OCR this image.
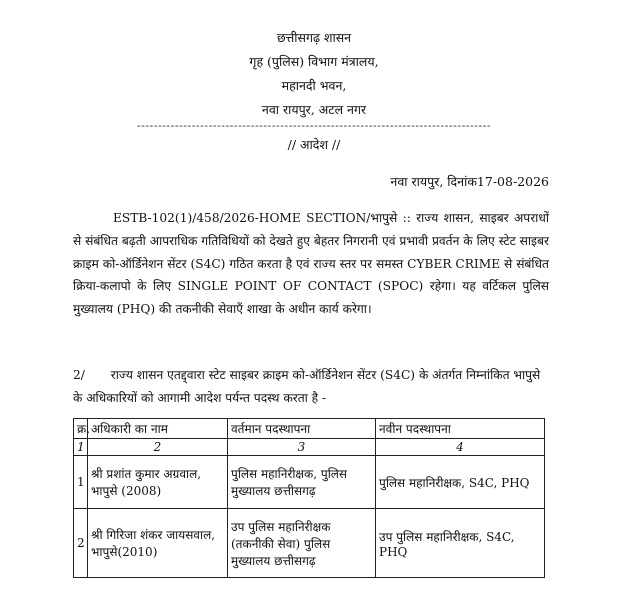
छत्तीसगढ़ शासन
गृह (पुलिस) विभाग मंत्रालय,
महानदी भवन,
नवा रायपुर, अटल नगर
------------------------------------------------------------------------------------
// आदेश //
नवा रायपुर, दिनांक17-08-2026
ESTB-102(1)/458/2026-HOME SECTION/भापुसे :: राज्य शासन, साइबर अपराधों से संबंधित बढ़ती आपराधिक गतिविधियों को देखते हुए बेहतर निगरानी एवं प्रभावी प्रवर्तन के लिए स्टेट साइबर क्राइम को-ऑर्डिनेशन सेंटर (S4C) गठित करता है एवं राज्य स्तर पर समस्त CYBER CRIME से संबंधित क्रिया-कलापो के लिए SINGLE POINT OF CONTACT (SPOC) रहेगा। यह वर्टिकल पुलिस मुख्यालय (PHQ) की तकनीकी सेवाएँ शाखा के अधीन कार्य करेगा।
2/ राज्य शासन एतद्द्वारा स्टेट साइबर क्राइम को-ऑर्डिनेशन सेंटर (S4C) के अंतर्गत निम्नांकित भापुसे के अधिकारियों को आगामी आदेश पर्यन्त पदस्थ करता है -
क्र.	अधिकारी का नाम	वर्तमान पदस्थापना	नवीन पदस्थापना
1	2	3	4
1	श्री प्रशांत कुमार अग्रवाल, भापुसे (2008)	पुलिस महानिरीक्षक, पुलिस मुख्यालय छत्तीसगढ़	पुलिस महानिरीक्षक, S4C, PHQ
2	श्री गिरिजा शंकर जायसवाल, भापुसे(2010)	उप पुलिस महानिरीक्षक (तकनीकी सेवा) पुलिस मुख्यालय छत्तीसगढ़	उप पुलिस महानिरीक्षक, S4C, PHQ
